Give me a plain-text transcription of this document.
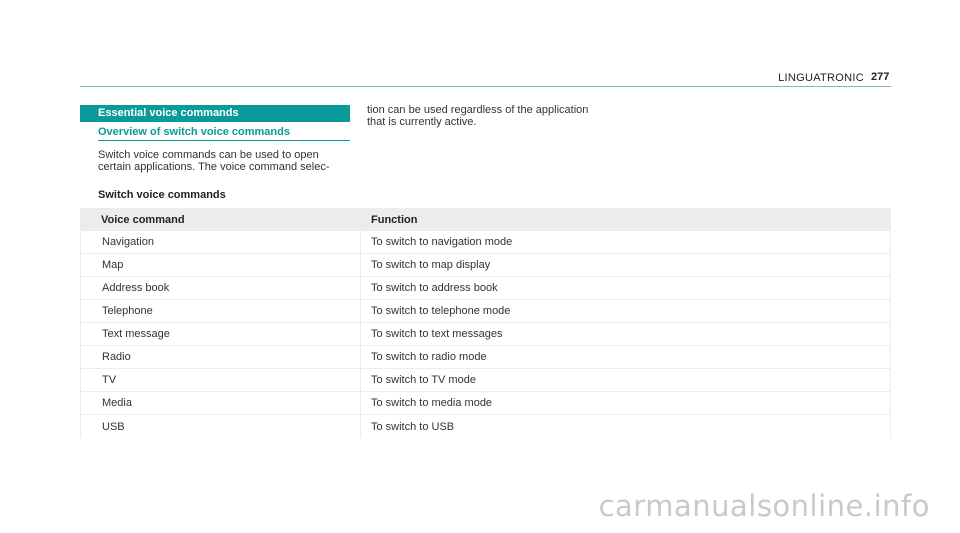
LINGUATRONIC 277
Essential voice commands
Overview of switch voice commands
Switch voice commands can be used to open
certain applications. The voice command selec-
tion can be used regardless of the application
that is currently active.
Switch voice commands
Voice command	Function
Navigation	To switch to navigation mode
Map	To switch to map display
Address book	To switch to address book
Telephone	To switch to telephone mode
Text message	To switch to text messages
Radio	To switch to radio mode
TV	To switch to TV mode
Media	To switch to media mode
USB	To switch to USB
carmanualsonline.info
